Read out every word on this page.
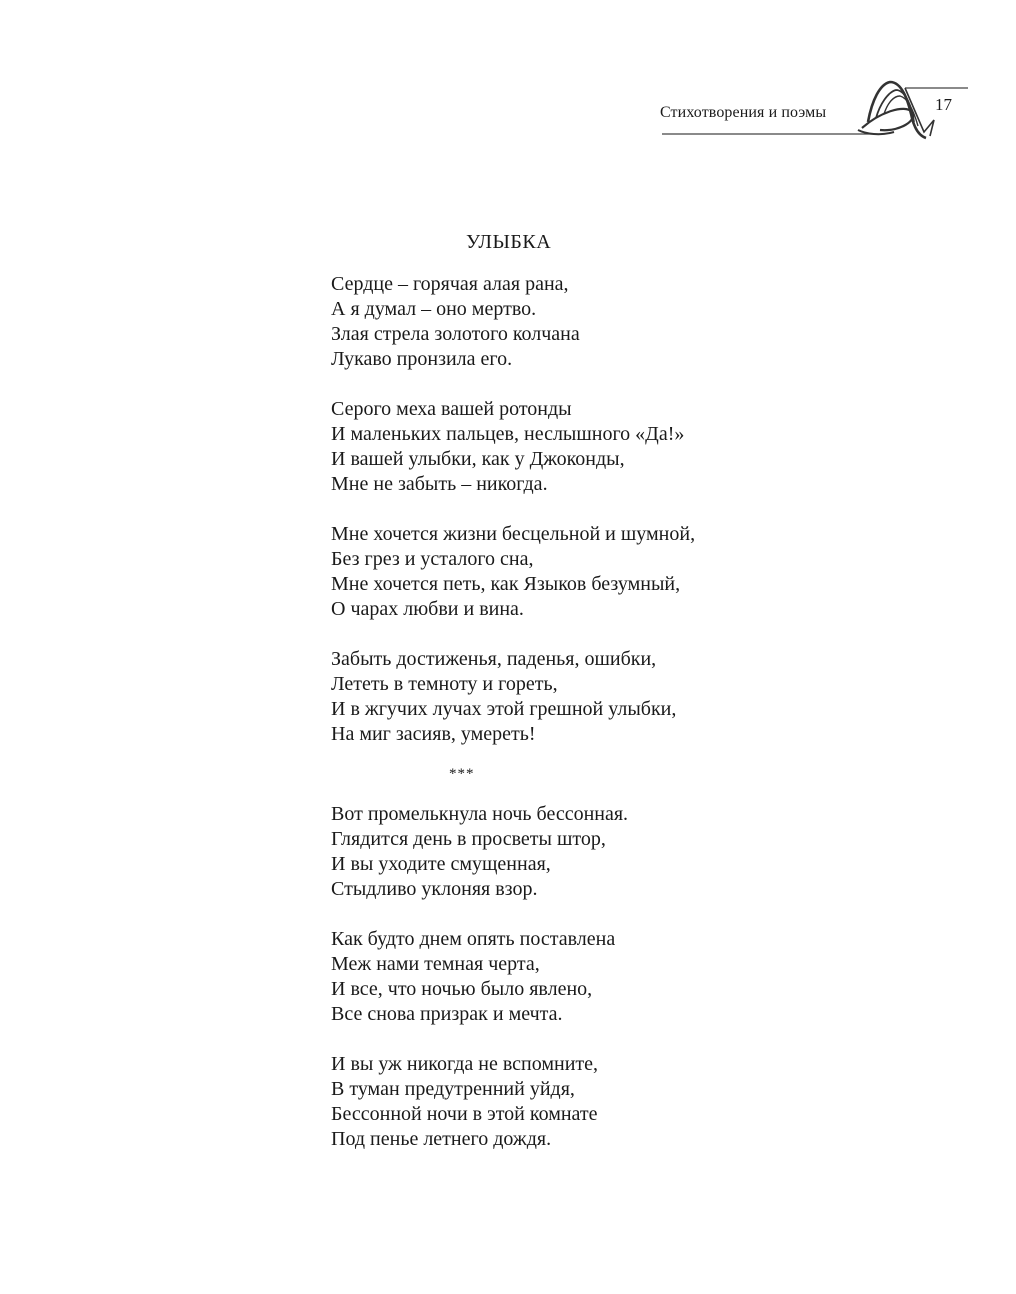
Стихотворения и поэмы	17
УЛЫБКА
Сердце – горячая алая рана,
А я думал – оно мертво.
Злая стрела золотого колчана
Лукаво пронзила его.
Серого меха вашей ротонды
И маленьких пальцев, неслышного «Да!»
И вашей улыбки, как у Джоконды,
Мне не забыть – никогда.
Мне хочется жизни бесцельной и шумной,
Без грез и усталого сна,
Мне хочется петь, как Языков безумный,
О чарах любви и вина.
Забыть достиженья, паденья, ошибки,
Лететь в темноту и гореть,
И в жгучих лучах этой грешной улыбки,
На миг засияв, умереть!
***
Вот промелькнула ночь бессонная.
Глядится день в просветы штор,
И вы уходите смущенная,
Стыдливо уклоняя взор.
Как будто днем опять поставлена
Меж нами темная черта,
И все, что ночью было явлено,
Все снова призрак и мечта.
И вы уж никогда не вспомните,
В туман предутренний уйдя,
Бессонной ночи в этой комнате
Под пенье летнего дождя.
